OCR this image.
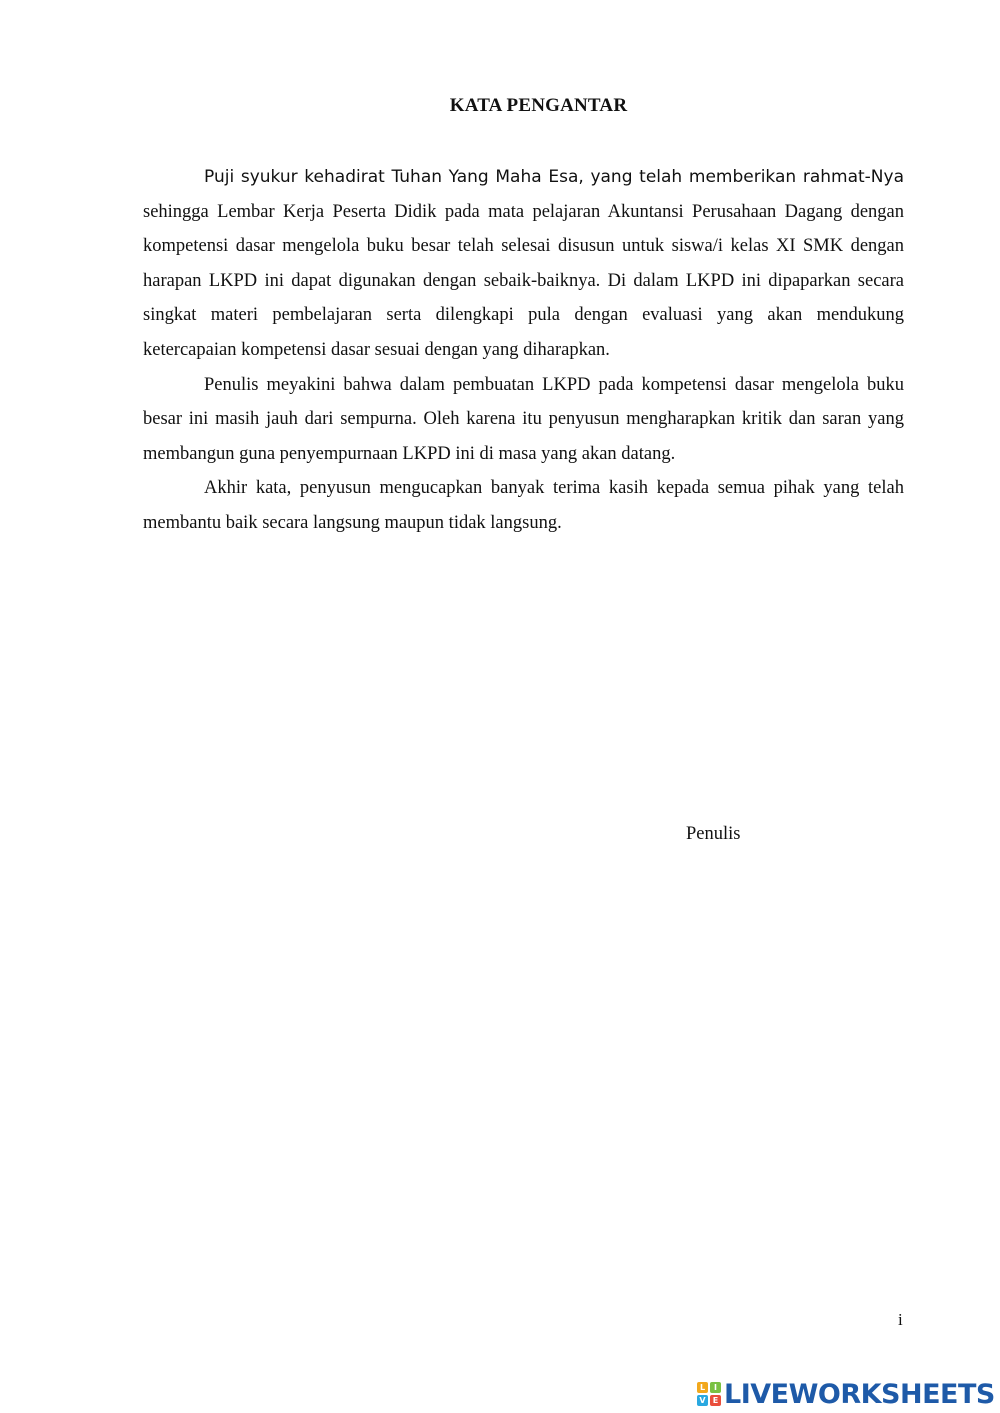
KATA PENGANTAR

Puji syukur kehadirat Tuhan Yang Maha Esa, yang telah memberikan rahmat-Nya sehingga Lembar Kerja Peserta Didik pada mata pelajaran Akuntansi Perusahaan Dagang dengan kompetensi dasar mengelola buku besar telah selesai disusun untuk siswa/i kelas XI SMK dengan harapan LKPD ini dapat digunakan dengan sebaik-baiknya. Di dalam LKPD ini dipaparkan secara singkat materi pembelajaran serta dilengkapi pula dengan evaluasi yang akan mendukung ketercapaian kompetensi dasar sesuai dengan yang diharapkan.

Penulis meyakini bahwa dalam pembuatan LKPD pada kompetensi dasar mengelola buku besar ini masih jauh dari sempurna. Oleh karena itu penyusun mengharapkan kritik dan saran yang membangun guna penyempurnaan LKPD ini di masa yang akan datang.

Akhir kata, penyusun mengucapkan banyak terima kasih kepada semua pihak yang telah membantu baik secara langsung maupun tidak langsung.

Penulis
i
L	I
V E LIVEWORKSHEETS
